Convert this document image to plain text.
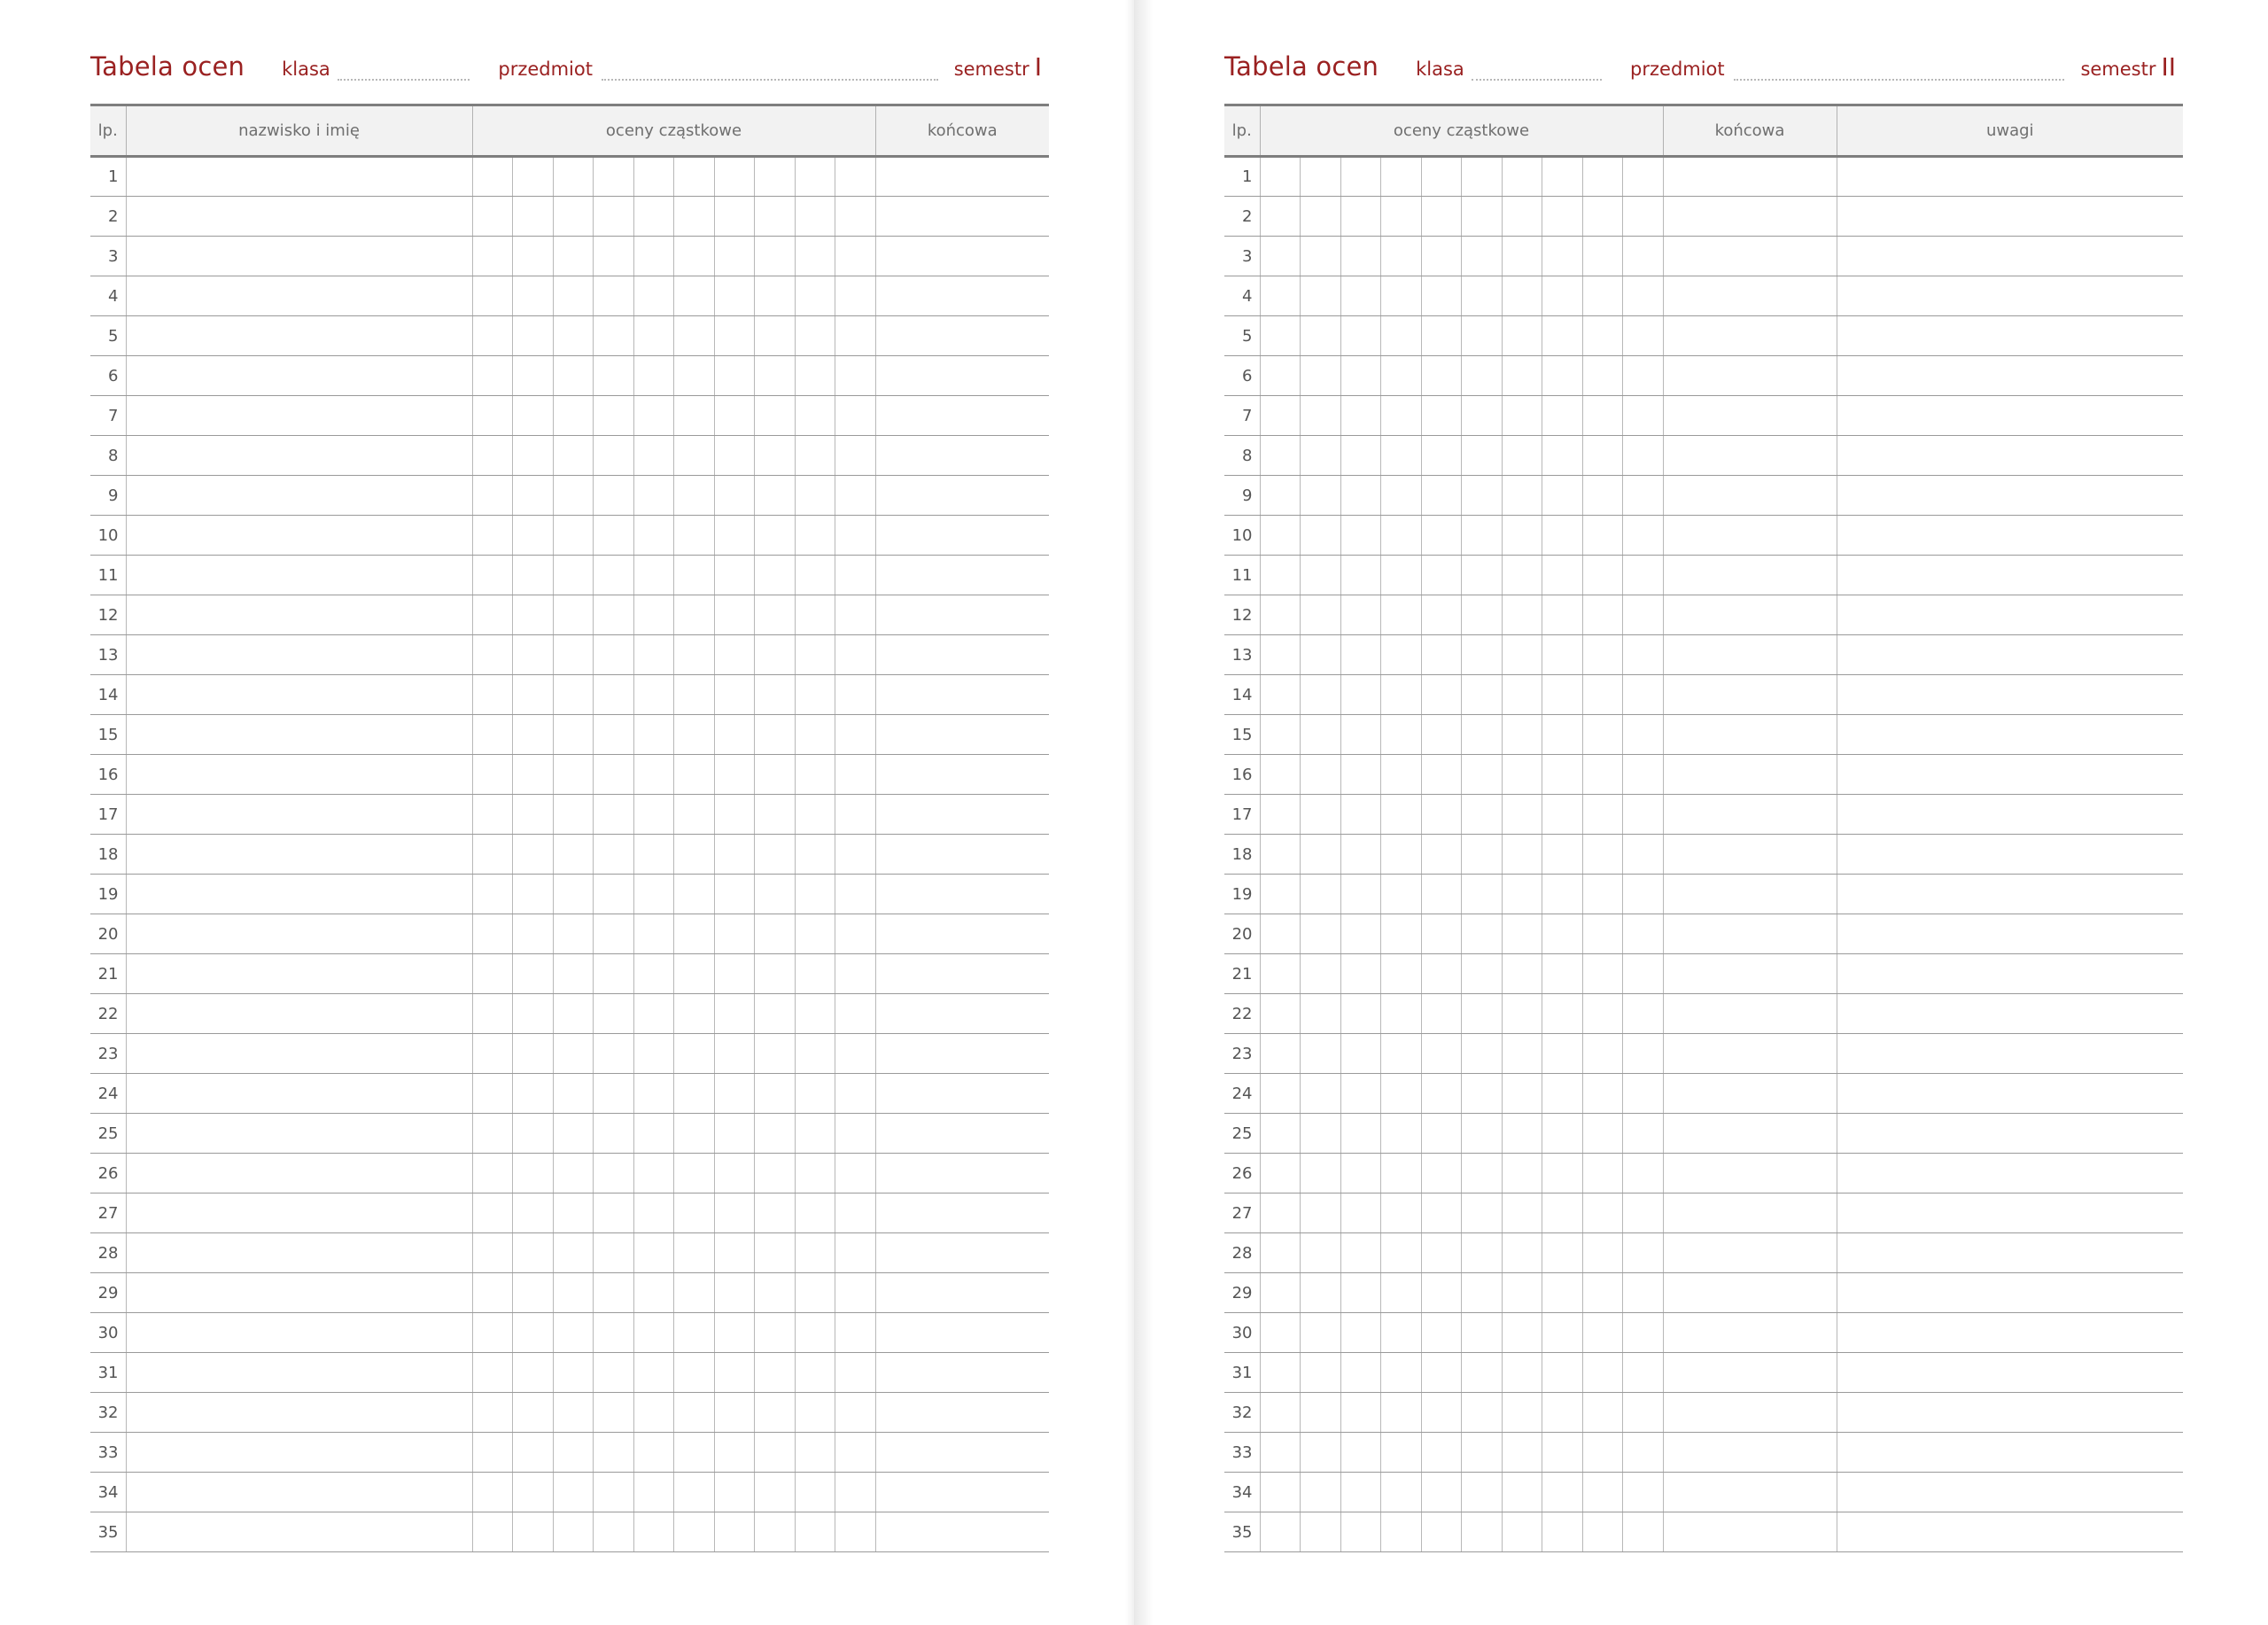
Tabela ocen klasa	przedmiot	semestr I
lp.	nazwisko i imię	oceny cząstkowe										końcowa
1												
2												
3												
4												
5												
6												
7												
8												
9												
10												
11												
12												
13												
14												
15												
16												
17												
18												
19												
20												
21												
22												
23												
24												
25												
26												
27												
28												
29												
30												
31												
32												
33												
34												
35												
Tabela ocen klasa	przedmiot	semestr II
lp.	oceny cząstkowe										końcowa	uwagi
1												
2												
3												
4												
5												
6												
7												
8												
9												
10												
11												
12												
13												
14												
15												
16												
17												
18												
19												
20												
21												
22												
23												
24												
25												
26												
27												
28												
29												
30												
31												
32												
33												
34												
35												
